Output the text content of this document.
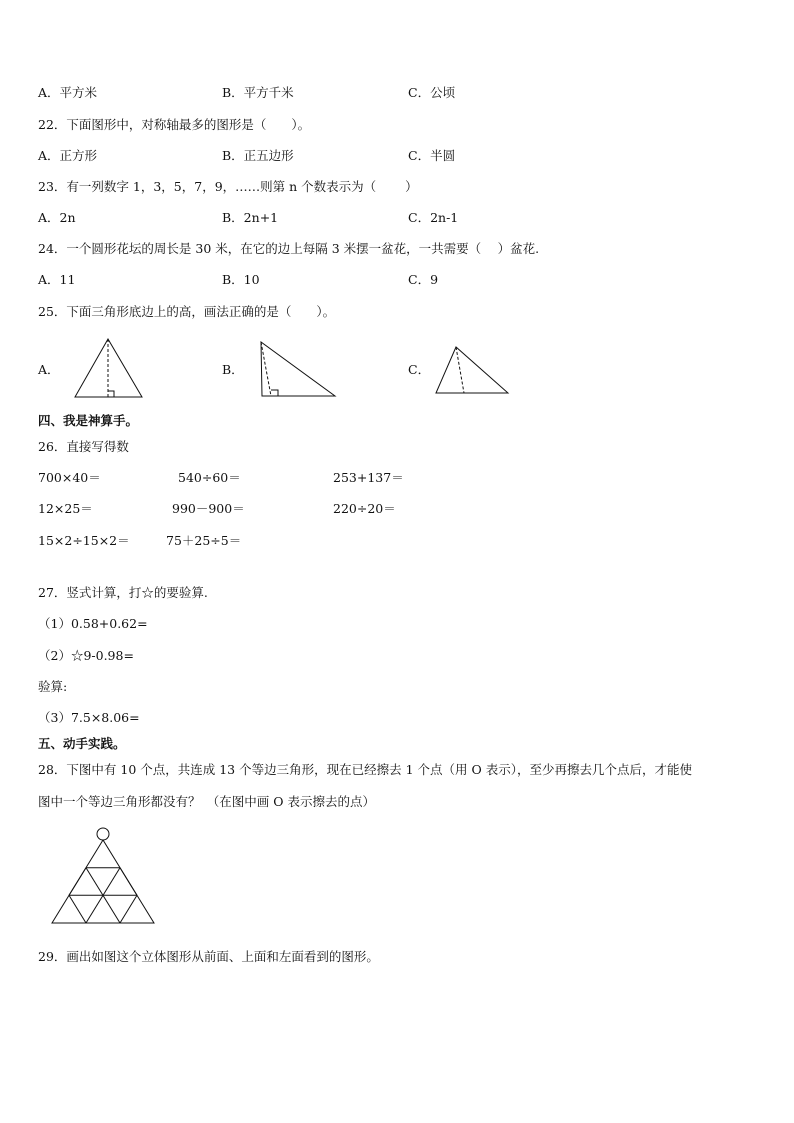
A．平方米	B．平方千米	C．公顷
22．下面图形中，对称轴最多的图形是（　　）。
A．正方形	B．正五边形	C．半圆
23．有一列数字 1，3，5，7，9，……则第 n 个数表示为（　　 ）
A．2n	B．2n+1	C．2n-1
24．一个圆形花坛的周长是 30 米，在它的边上每隔 3 米摆一盆花，一共需要（　 ）盆花.
A．11	B．10	C．9
25．下面三角形底边上的高，画法正确的是（　　）。
A．	B．	C．
四、我是神算手。
26．直接写得数
700×40＝	540÷60＝	253+137＝
12×25＝	990－900＝	220÷20＝
15×2÷15×2＝	75＋25÷5＝
27．竖式计算，打☆的要验算.
（1）0.58+0.62=
（2）☆9-0.98=
验算:
（3）7.5×8.06=
五、动手实践。
28．下图中有 10 个点，共连成 13 个等边三角形，现在已经擦去 1 个点（用 O 表示），至少再擦去几个点后，才能使
图中一个等边三角形都没有？　（在图中画 O 表示擦去的点）
29．画出如图这个立体图形从前面、上面和左面看到的图形。
